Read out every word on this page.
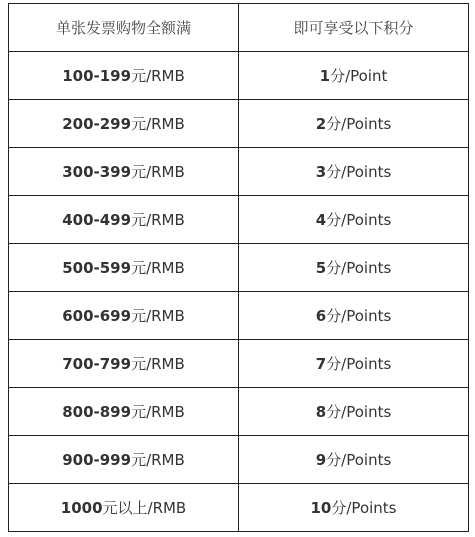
单张发票购物全额满	即可享受以下积分
100-199元/RMB	1分/Point
200-299元/RMB	2分/Points
300-399元/RMB	3分/Points
400-499元/RMB	4分/Points
500-599元/RMB	5分/Points
600-699元/RMB	6分/Points
700-799元/RMB	7分/Points
800-899元/RMB	8分/Points
900-999元/RMB	9分/Points
1000元以上/RMB	10分/Points
